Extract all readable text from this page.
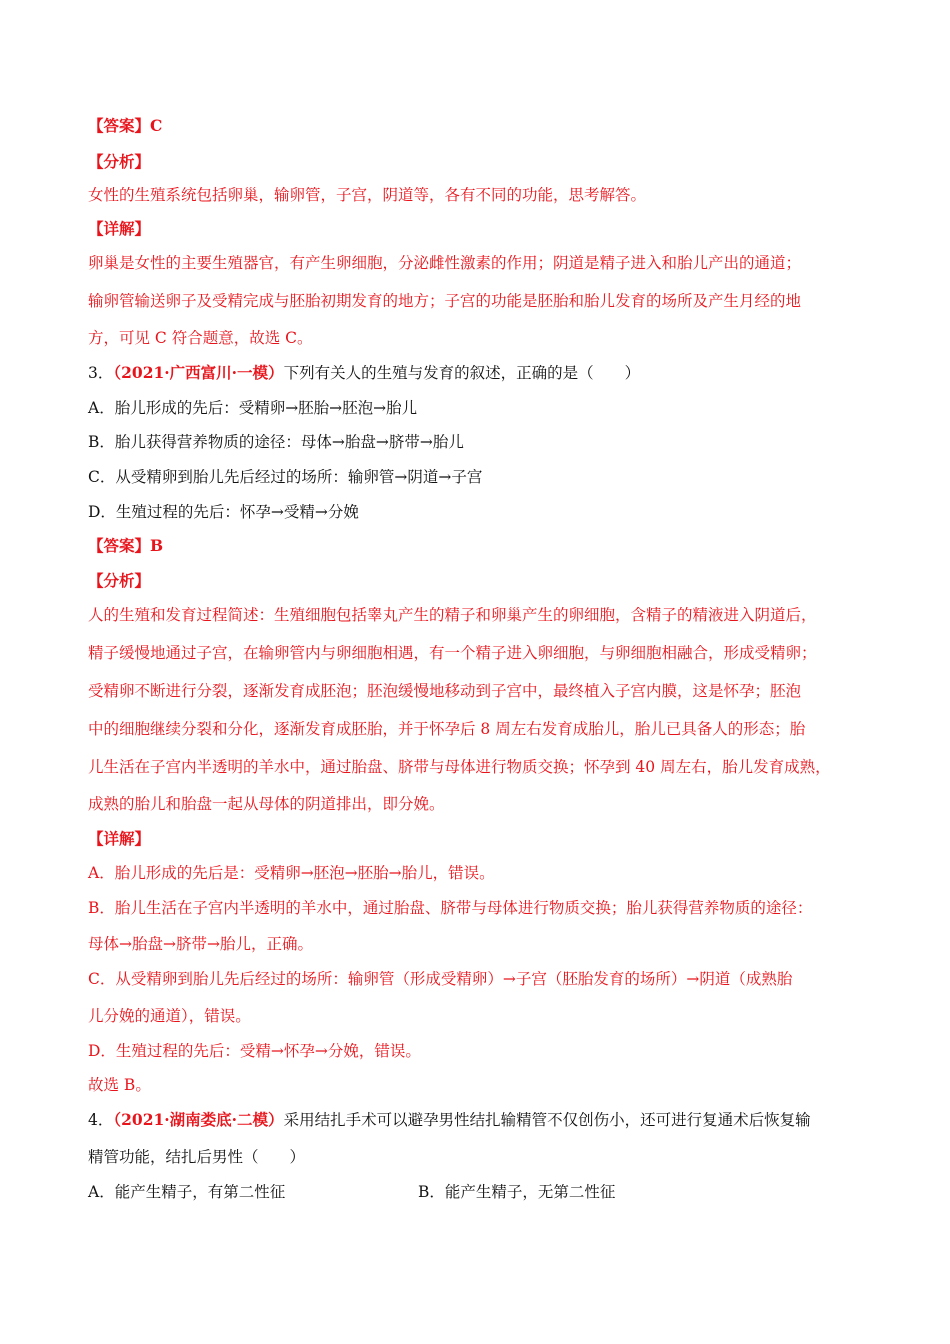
【答案】C
【分析】
女性的生殖系统包括卵巢，输卵管，子宫，阴道等，各有不同的功能，思考解答。
【详解】
卵巢是女性的主要生殖器官，有产生卵细胞，分泌雌性激素的作用；阴道是精子进入和胎儿产出的通道；
输卵管输送卵子及受精完成与胚胎初期发育的地方；子宫的功能是胚胎和胎儿发育的场所及产生月经的地
方，可见 C 符合题意，故选 C。
3．（2021·广西富川·一模）下列有关人的生殖与发育的叙述，正确的是（　　）
A．胎儿形成的先后：受精卵→胚胎→胚泡→胎儿
B．胎儿获得营养物质的途径：母体→胎盘→脐带→胎儿
C．从受精卵到胎儿先后经过的场所：输卵管→阴道→子宫
D．生殖过程的先后：怀孕→受精→分娩
【答案】B
【分析】
人的生殖和发育过程简述：生殖细胞包括睾丸产生的精子和卵巢产生的卵细胞，含精子的精液进入阴道后，
精子缓慢地通过子宫，在输卵管内与卵细胞相遇，有一个精子进入卵细胞，与卵细胞相融合，形成受精卵；
受精卵不断进行分裂，逐渐发育成胚泡；胚泡缓慢地移动到子宫中，最终植入子宫内膜，这是怀孕；胚泡
中的细胞继续分裂和分化，逐渐发育成胚胎，并于怀孕后 8 周左右发育成胎儿，胎儿已具备人的形态；胎
儿生活在子宫内半透明的羊水中，通过胎盘、脐带与母体进行物质交换；怀孕到 40 周左右，胎儿发育成熟，
成熟的胎儿和胎盘一起从母体的阴道排出，即分娩。
【详解】
A．胎儿形成的先后是：受精卵→胚泡→胚胎→胎儿，错误。
B．胎儿生活在子宫内半透明的羊水中，通过胎盘、脐带与母体进行物质交换；胎儿获得营养物质的途径：
母体→胎盘→脐带→胎儿，正确。
C．从受精卵到胎儿先后经过的场所：输卵管（形成受精卵）→子宫（胚胎发育的场所）→阴道（成熟胎
儿分娩的通道），错误。
D．生殖过程的先后：受精→怀孕→分娩，错误。
故选 B。
4．（2021·湖南娄底·二模）采用结扎手术可以避孕男性结扎输精管不仅创伤小，还可进行复通术后恢复输
精管功能，结扎后男性（　　）
A．能产生精子，有第二性征	B．能产生精子，无第二性征
